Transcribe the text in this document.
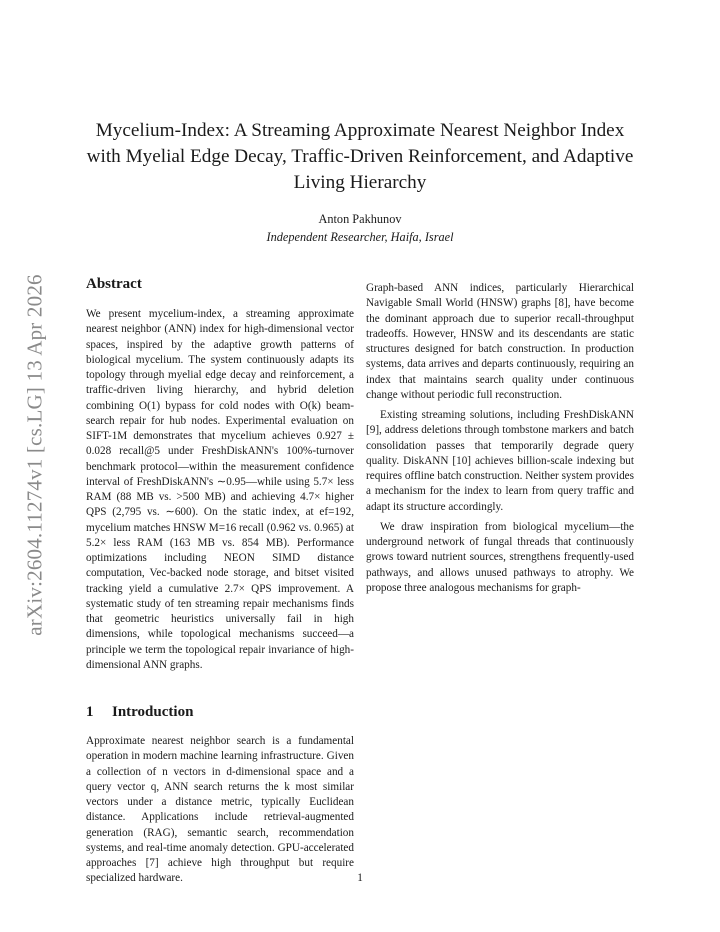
arXiv:2604.11274v1 [cs.LG] 13 Apr 2026
Mycelium-Index: A Streaming Approximate Nearest Neighbor Index with Myelial Edge Decay, Traffic-Driven Reinforcement, and Adaptive Living Hierarchy
Anton Pakhunov
Independent Researcher, Haifa, Israel
Abstract

We present mycelium-index, a streaming approximate nearest neighbor (ANN) index for high-dimensional vector spaces, inspired by the adaptive growth patterns of biological mycelium. The system continuously adapts its topology through myelial edge decay and reinforcement, a traffic-driven living hierarchy, and hybrid deletion combining O(1) bypass for cold nodes with O(k) beam-search repair for hub nodes. Experimental evaluation on SIFT-1M demonstrates that mycelium achieves 0.927 ± 0.028 recall@5 under FreshDiskANN's 100%-turnover benchmark protocol—within the measurement confidence interval of FreshDiskANN's ∼0.95—while using 5.7× less RAM (88 MB vs. >500 MB) and achieving 4.7× higher QPS (2,795 vs. ∼600). On the static index, at ef=192, mycelium matches HNSW M=16 recall (0.962 vs. 0.965) at 5.2× less RAM (163 MB vs. 854 MB). Performance optimizations including NEON SIMD distance computation, Vec-backed node storage, and bitset visited tracking yield a cumulative 2.7× QPS improvement. A systematic study of ten streaming repair mechanisms finds that geometric heuristics universally fail in high dimensions, while topological mechanisms succeed—a principle we term the topological repair invariance of high-dimensional ANN graphs.

1 Introduction

Approximate nearest neighbor search is a fundamental operation in modern machine learning infrastructure. Given a collection of n vectors in d-dimensional space and a query vector q, ANN search returns the k most similar vectors under a distance metric, typically Euclidean distance. Applications include retrieval-augmented generation (RAG), semantic search, recommendation systems, and real-time anomaly detection. GPU-accelerated approaches [7] achieve high throughput but require specialized hardware.

Graph-based ANN indices, particularly Hierarchical Navigable Small World (HNSW) graphs [8], have become the dominant approach due to superior recall-throughput tradeoffs. However, HNSW and its descendants are static structures designed for batch construction. In production systems, data arrives and departs continuously, requiring an index that maintains search quality under continuous change without periodic full reconstruction.

Existing streaming solutions, including FreshDiskANN [9], address deletions through tombstone markers and batch consolidation passes that temporarily degrade query quality. DiskANN [10] achieves billion-scale indexing but requires offline batch construction. Neither system provides a mechanism for the index to learn from query traffic and adapt its structure accordingly.

We draw inspiration from biological mycelium—the underground network of fungal threads that continuously grows toward nutrient sources, strengthens frequently-used pathways, and allows unused pathways to atrophy. We propose three analogous mechanisms for graph-

1
